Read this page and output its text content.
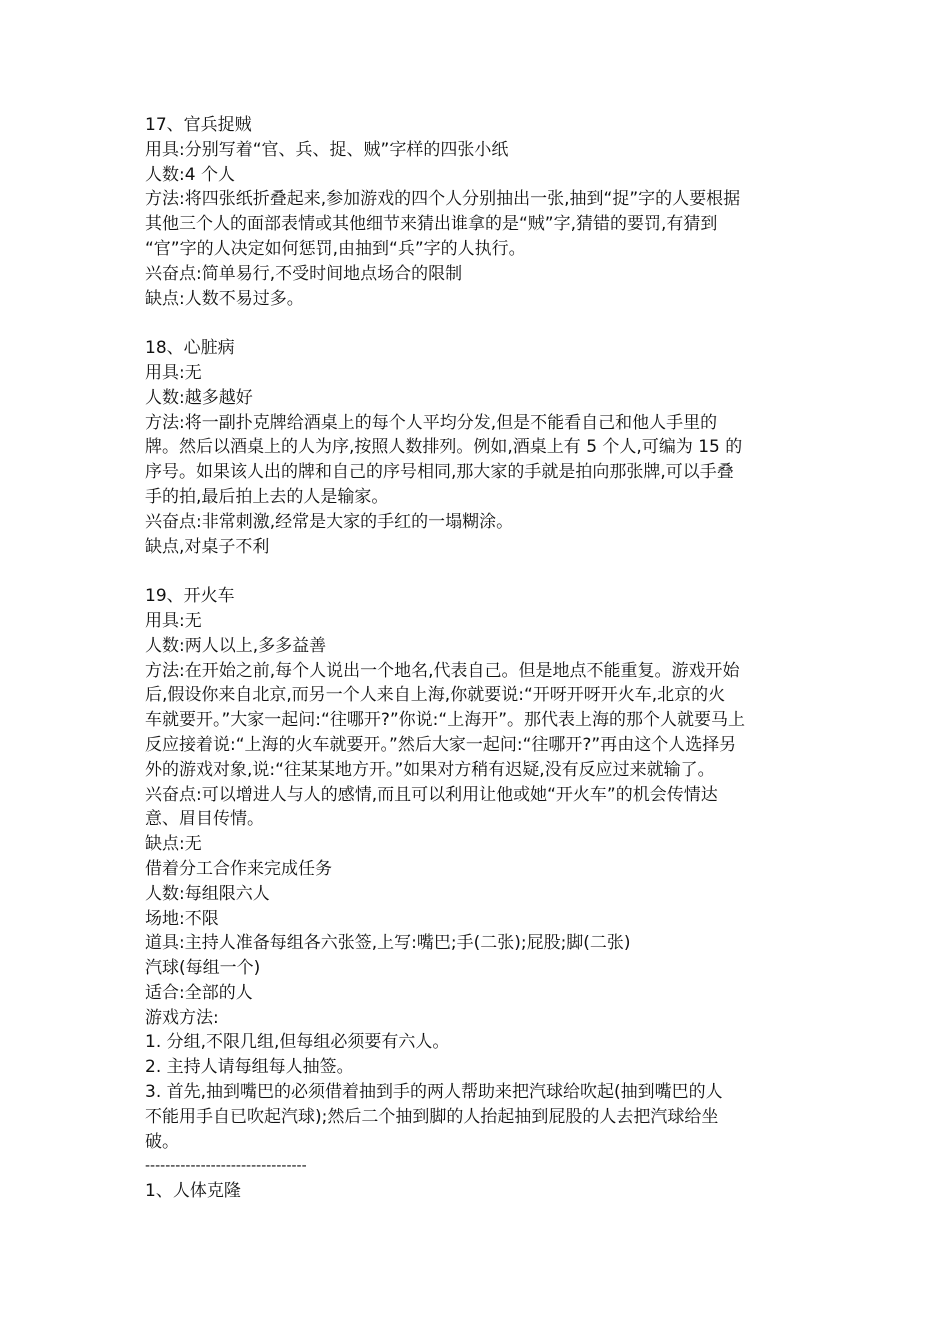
17、官兵捉贼
用具:分别写着“官、兵、捉、贼”字样的四张小纸
人数:4 个人
方法:将四张纸折叠起来,参加游戏的四个人分别抽出一张,抽到“捉”字的人要根据
其他三个人的面部表情或其他细节来猜出谁拿的是“贼”字,猜错的要罚,有猜到
“官”字的人决定如何惩罚,由抽到“兵”字的人执行。
兴奋点:简单易行,不受时间地点场合的限制
缺点:人数不易过多。
18、心脏病
用具:无
人数:越多越好
方法:将一副扑克牌给酒桌上的每个人平均分发,但是不能看自己和他人手里的
牌。然后以酒桌上的人为序,按照人数排列。例如,酒桌上有 5 个人,可编为 15 的
序号。如果该人出的牌和自己的序号相同,那大家的手就是拍向那张牌,可以手叠
手的拍,最后拍上去的人是输家。
兴奋点:非常刺激,经常是大家的手红的一塌糊涂。
缺点,对桌子不利
19、开火车
用具:无
人数:两人以上,多多益善
方法:在开始之前,每个人说出一个地名,代表自己。但是地点不能重复。游戏开始
后,假设你来自北京,而另一个人来自上海,你就要说:“开呀开呀开火车,北京的火
车就要开。”大家一起问:“往哪开?”你说:“上海开”。那代表上海的那个人就要马上
反应接着说:“上海的火车就要开。”然后大家一起问:“往哪开?”再由这个人选择另
外的游戏对象,说:“往某某地方开。”如果对方稍有迟疑,没有反应过来就输了。
兴奋点:可以增进人与人的感情,而且可以利用让他或她“开火车”的机会传情达
意、眉目传情。
缺点:无
借着分工合作来完成任务
人数:每组限六人
场地:不限
道具:主持人准备每组各六张签,上写:嘴巴;手(二张);屁股;脚(二张)
汽球(每组一个)
适合:全部的人
游戏方法:
1. 分组,不限几组,但每组必须要有六人。
2. 主持人请每组每人抽签。
3. 首先,抽到嘴巴的必须借着抽到手的两人帮助来把汽球给吹起(抽到嘴巴的人
不能用手自已吹起汽球);然后二个抽到脚的人抬起抽到屁股的人去把汽球给坐
破。
--------------------------------
1、人体克隆
